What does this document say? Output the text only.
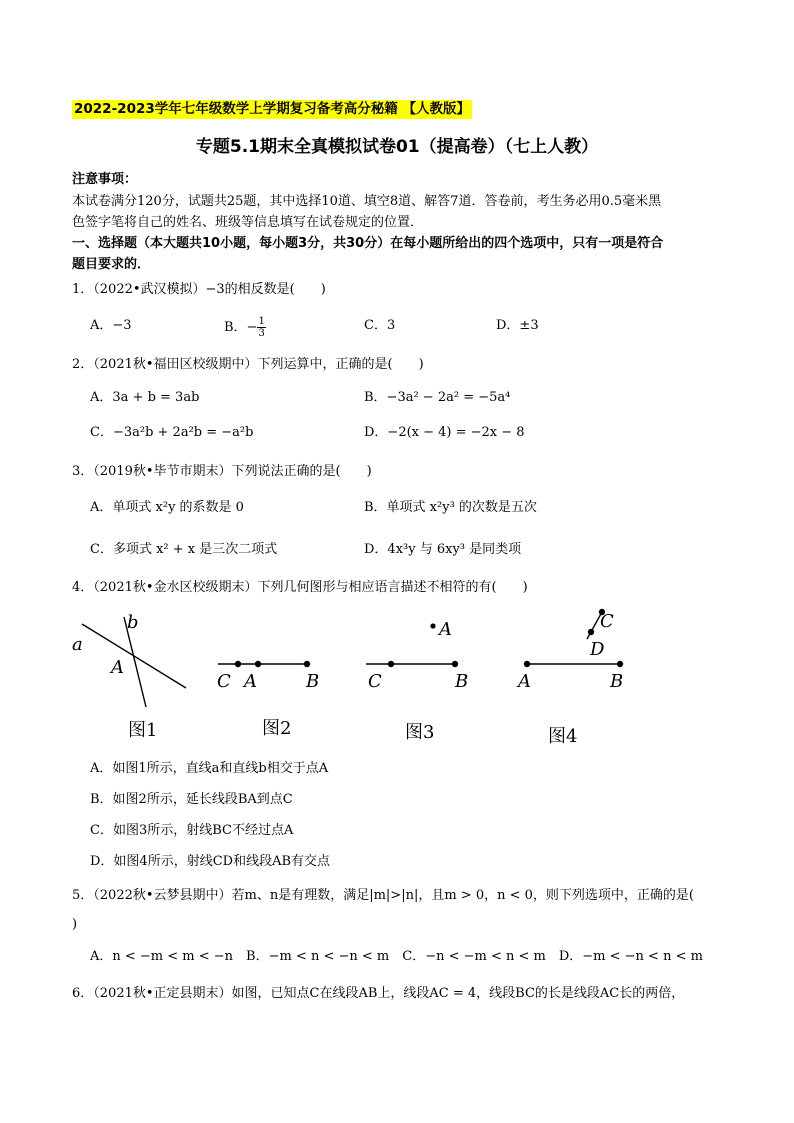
2022-2023学年七年级数学上学期复习备考高分秘籍 【人教版】
专题5.1期末全真模拟试卷01（提高卷）（七上人教）
注意事项：
本试卷满分120分，试题共25题，其中选择10道、填空8道、解答7道．答卷前，考生务必用0.5毫米黑
色签字笔将自己的姓名、班级等信息填写在试卷规定的位置．
一、选择题（本大题共10小题，每小题3分，共30分）在每小题所给出的四个选项中，只有一项是符合
题目要求的．
1．（2022•武汉模拟）−3的相反数是(　　)
A．−3	B．− $\frac{1}{3}$	C．3	D．±3
2．（2021秋•福田区校级期中）下列运算中，正确的是(　　)
A．3a + b = 3ab	B．−3a² − 2a² = −5a⁴
C．−3a²b + 2a²b = −a²b	D．−2(x − 4) = −2x − 8
3．（2019秋•毕节市期末）下列说法正确的是(　　)
A．单项式 x²y 的系数是 0	B．单项式 x²y³ 的次数是五次
C．多项式 x² + x 是三次二项式	D．4x³y 与 6xy³ 是同类项
4．（2021秋•金水区校级期末）下列几何图形与相应语言描述不相符的有(　　)
a
b
A
图1
C A	B
图2
A
C	B
图3
C
D
A	B
图4
A．如图1所示，直线a和直线b相交于点A
B．如图2所示，延长线段BA到点C
C．如图3所示，射线BC不经过点A
D．如图4所示，射线CD和线段AB有交点
5．（2022秋•云梦县期中）若m、n是有理数，满足|m|>|n|，且m > 0，n < 0，则下列选项中，正确的是(
)
A．n < −m < m < −n　B．−m < n < −n < m　C．−n < −m < n < m　D．−m < −n < n < m
6．（2021秋•正定县期末）如图，已知点C在线段AB上，线段AC = 4，线段BC的长是线段AC长的两倍，
